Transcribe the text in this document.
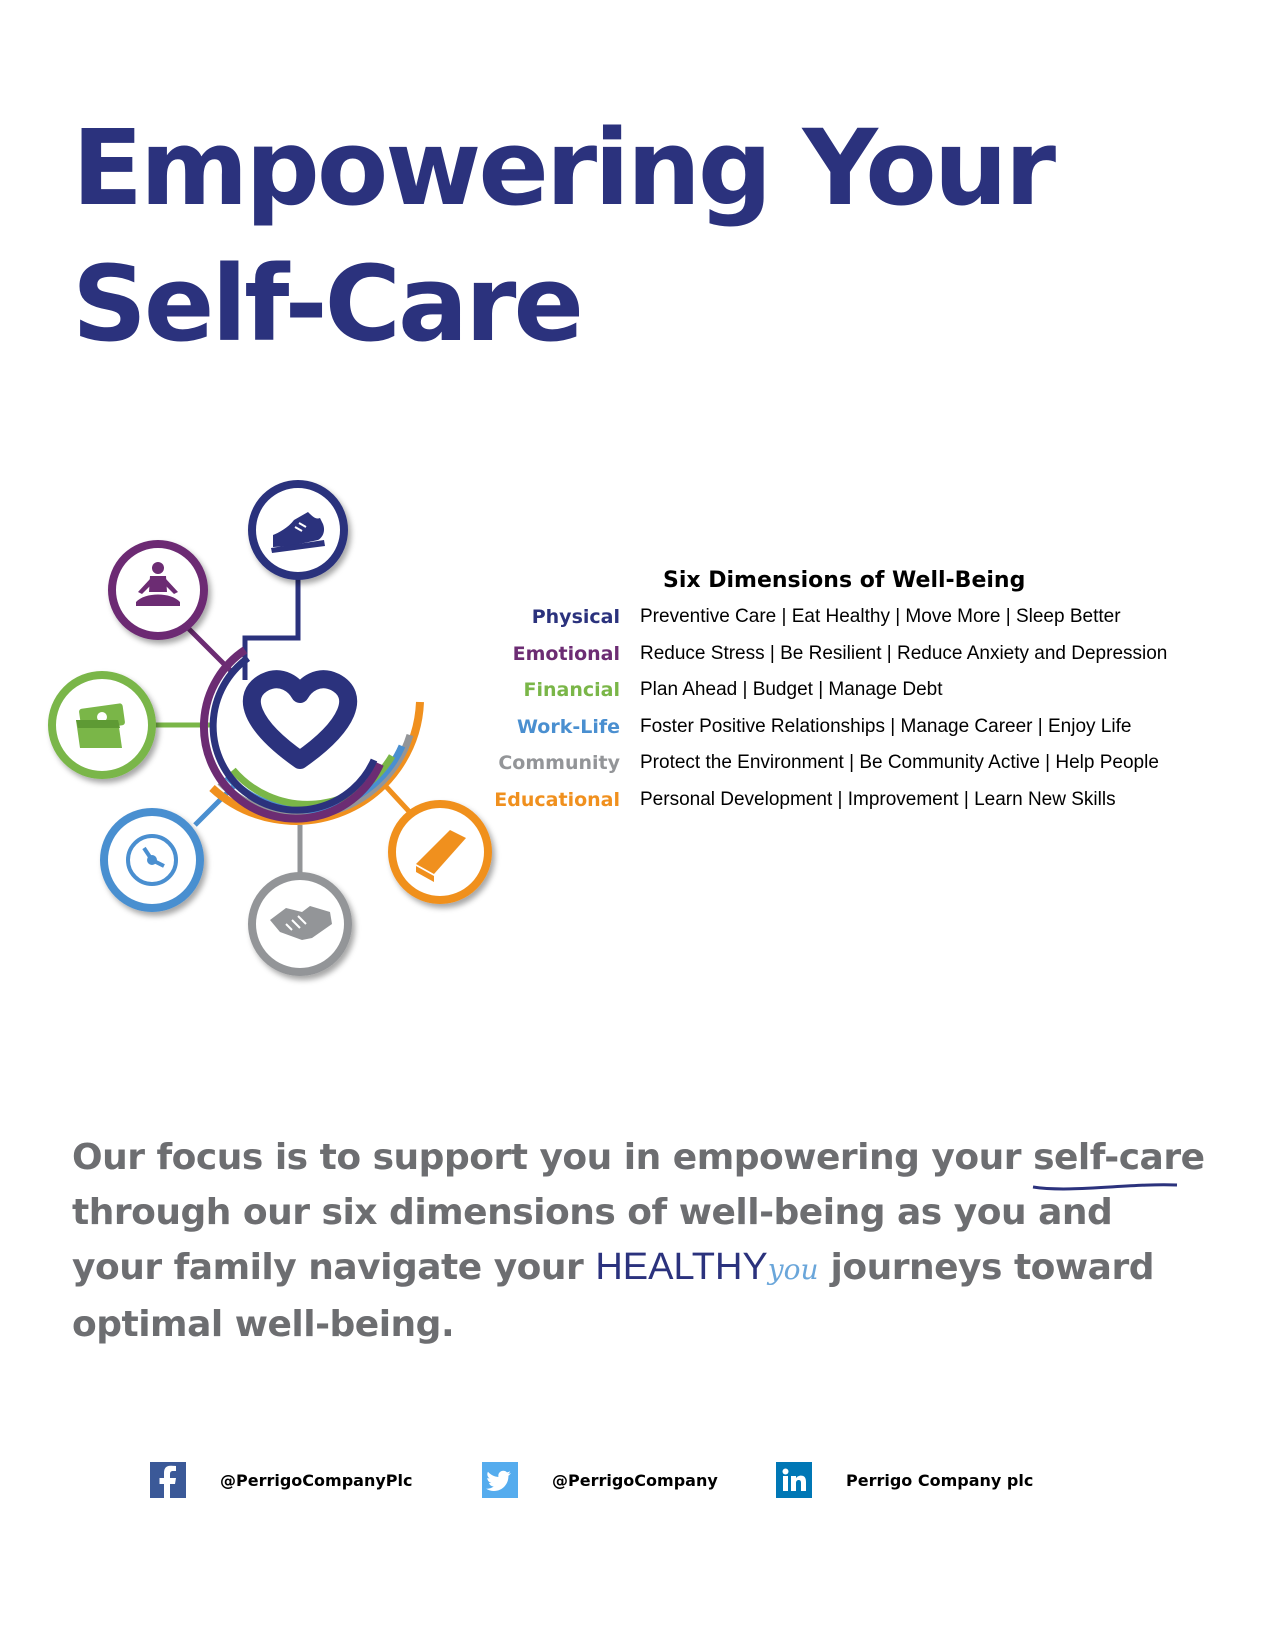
Empowering Your
Self-Care
Six Dimensions of Well-Being
Physical Preventive Care | Eat Healthy | Move More | Sleep Better
Emotional Reduce Stress | Be Resilient | Reduce Anxiety and Depression
Financial Plan Ahead | Budget | Manage Debt
Work-Life Foster Positive Relationships | Manage Career | Enjoy Life
Community Protect the Environment | Be Community Active | Help People
Educational Personal Development | Improvement | Learn New Skills

Our focus is to support you in empowering your self-care
through our six dimensions of well-being as you and your family navigate your HEALTHYyou journeys toward optimal well-being.

@PerrigoCompanyPlc	@PerrigoCompany	Perrigo Company plc
